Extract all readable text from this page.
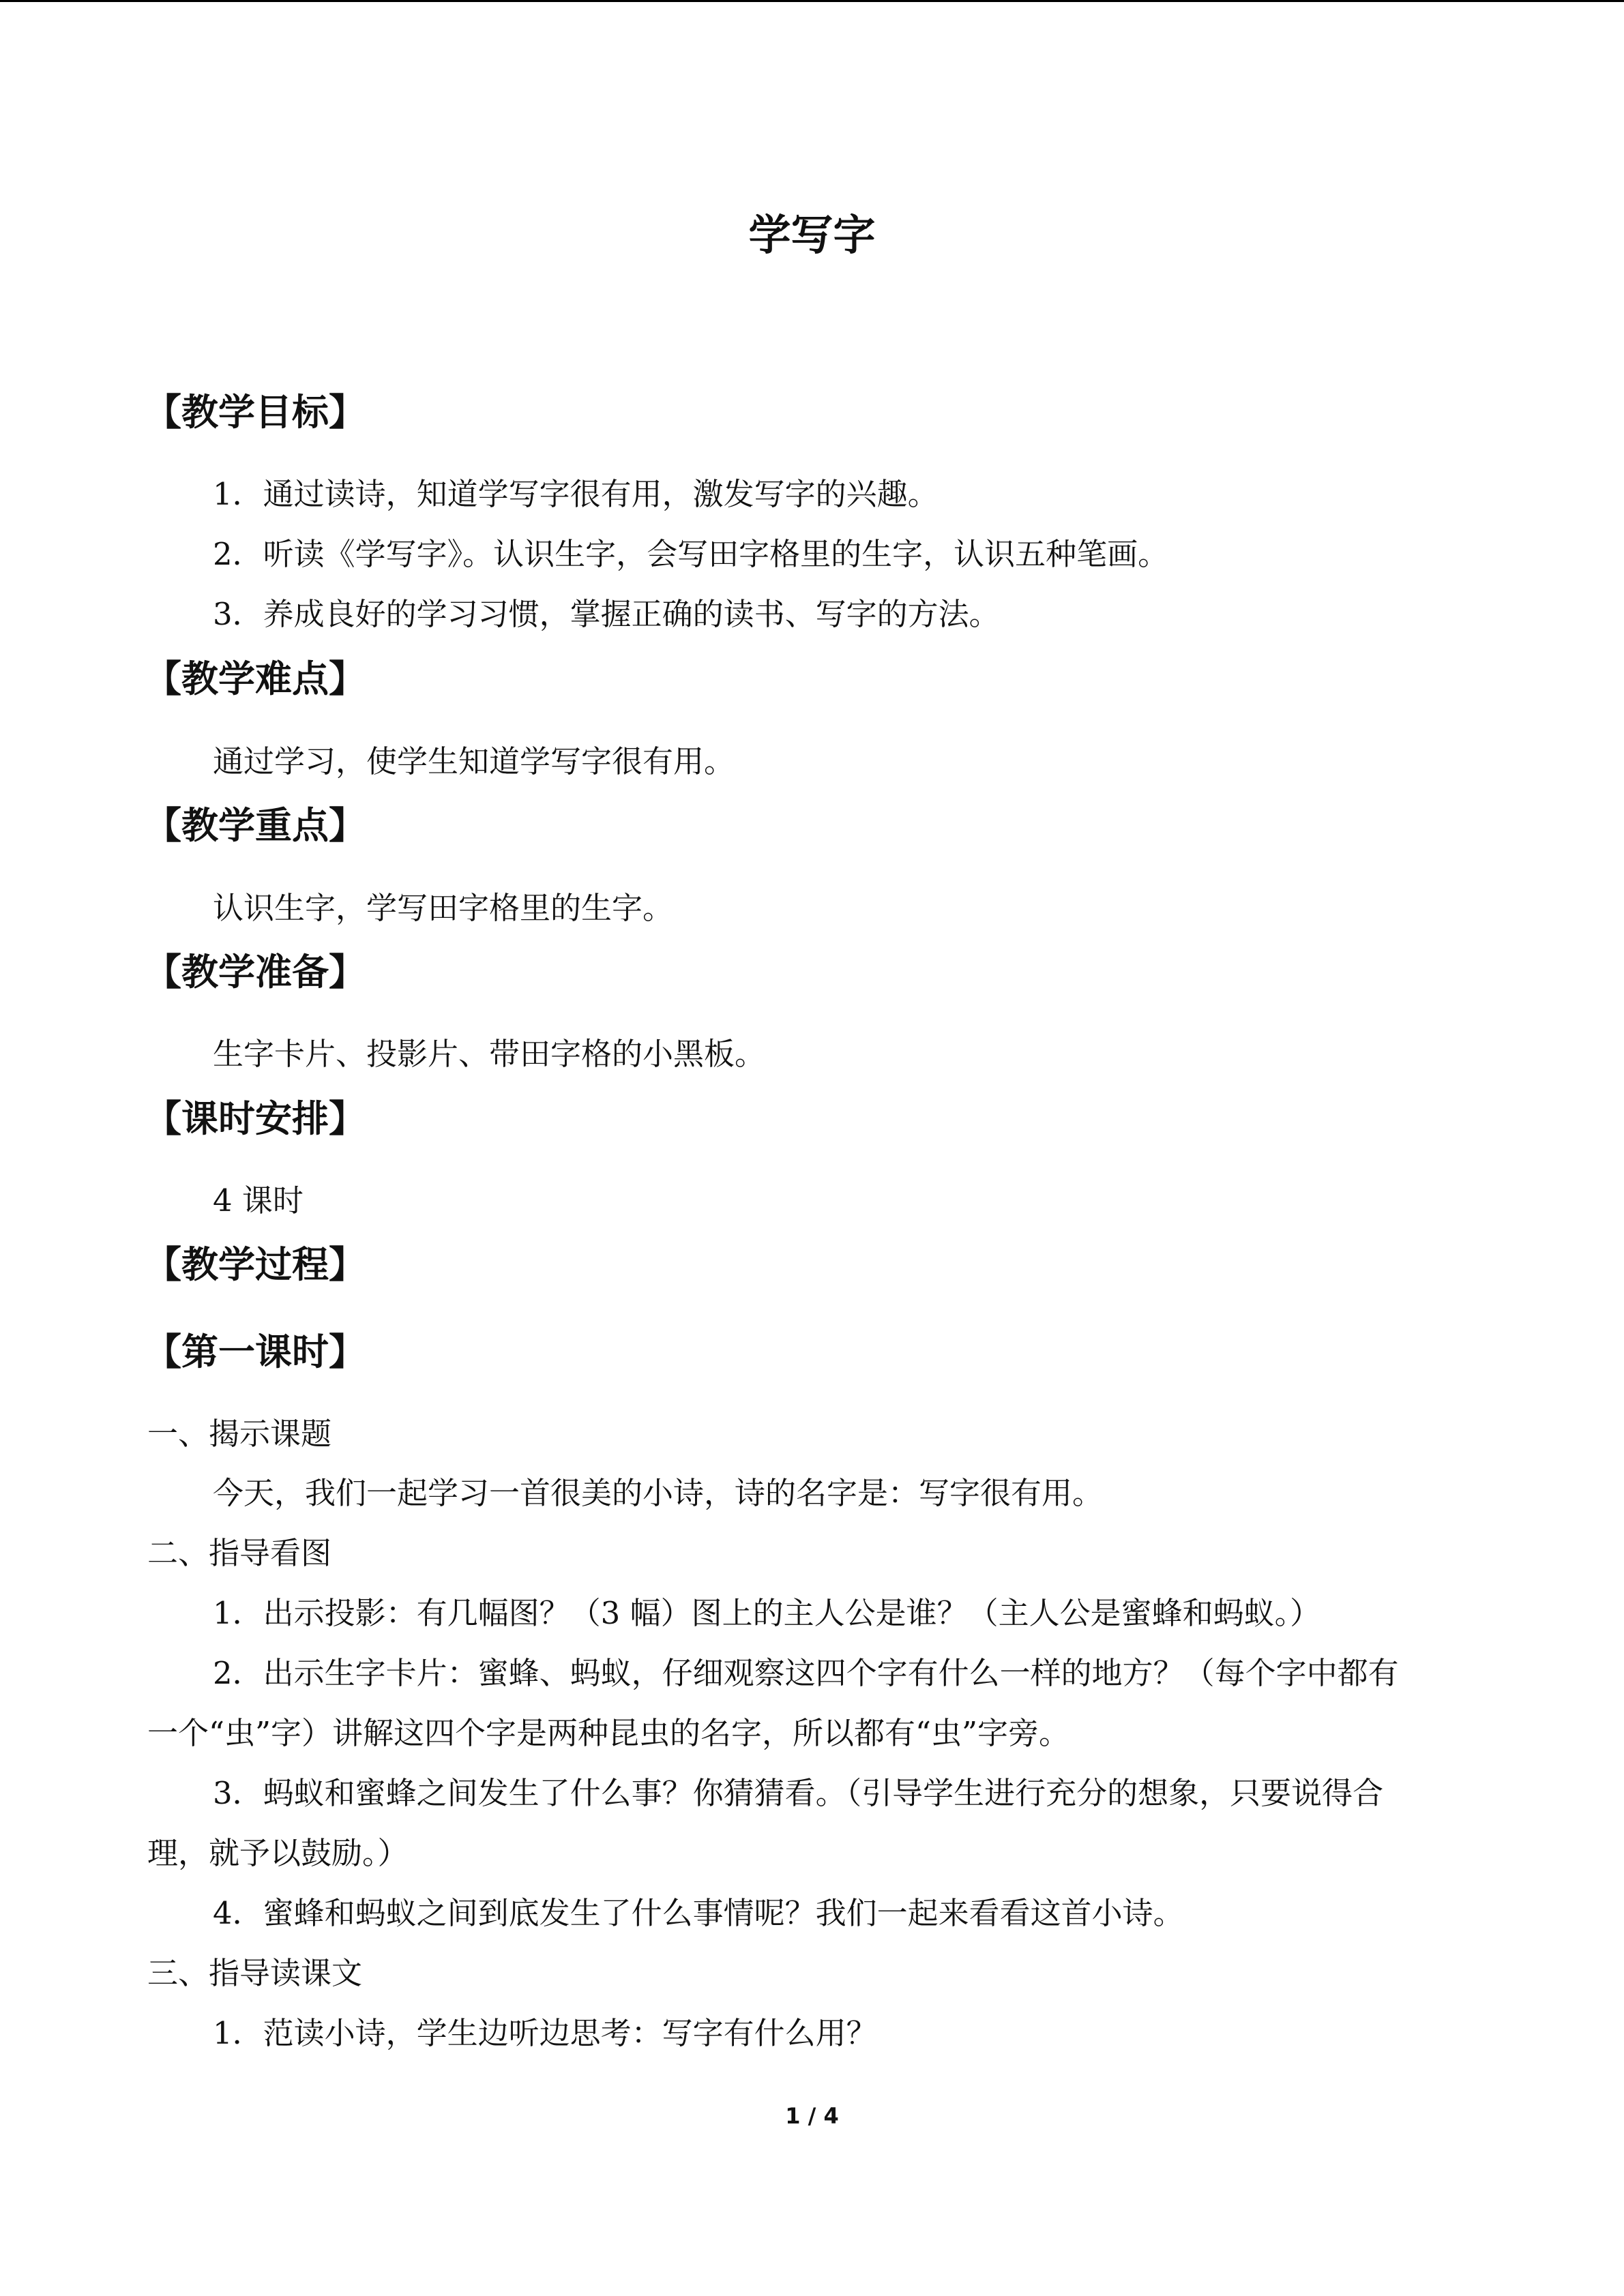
学写字
【教学目标】
1．通过读诗，知道学写字很有用，激发写字的兴趣。
2．听读《学写字》。认识生字，会写田字格里的生字，认识五种笔画。
3．养成良好的学习习惯，掌握正确的读书、写字的方法。
【教学难点】
通过学习，使学生知道学写字很有用。
【教学重点】
认识生字，学写田字格里的生字。
【教学准备】
生字卡片、投影片、带田字格的小黑板。
【课时安排】
4 课时
【教学过程】
【第一课时】
一、揭示课题
今天，我们一起学习一首很美的小诗，诗的名字是：写字很有用。
二、指导看图
1．出示投影：有几幅图？（3 幅）图上的主人公是谁？（主人公是蜜蜂和蚂蚁。）
2．出示生字卡片：蜜蜂、蚂蚁，仔细观察这四个字有什么一样的地方？（每个字中都有
一个“虫”字）讲解这四个字是两种昆虫的名字，所以都有“虫”字旁。
3．蚂蚁和蜜蜂之间发生了什么事？你猜猜看。（引导学生进行充分的想象，只要说得合
理，就予以鼓励。）
4．蜜蜂和蚂蚁之间到底发生了什么事情呢？我们一起来看看这首小诗。
三、指导读课文
1．范读小诗，学生边听边思考：写字有什么用？
1 / 4
